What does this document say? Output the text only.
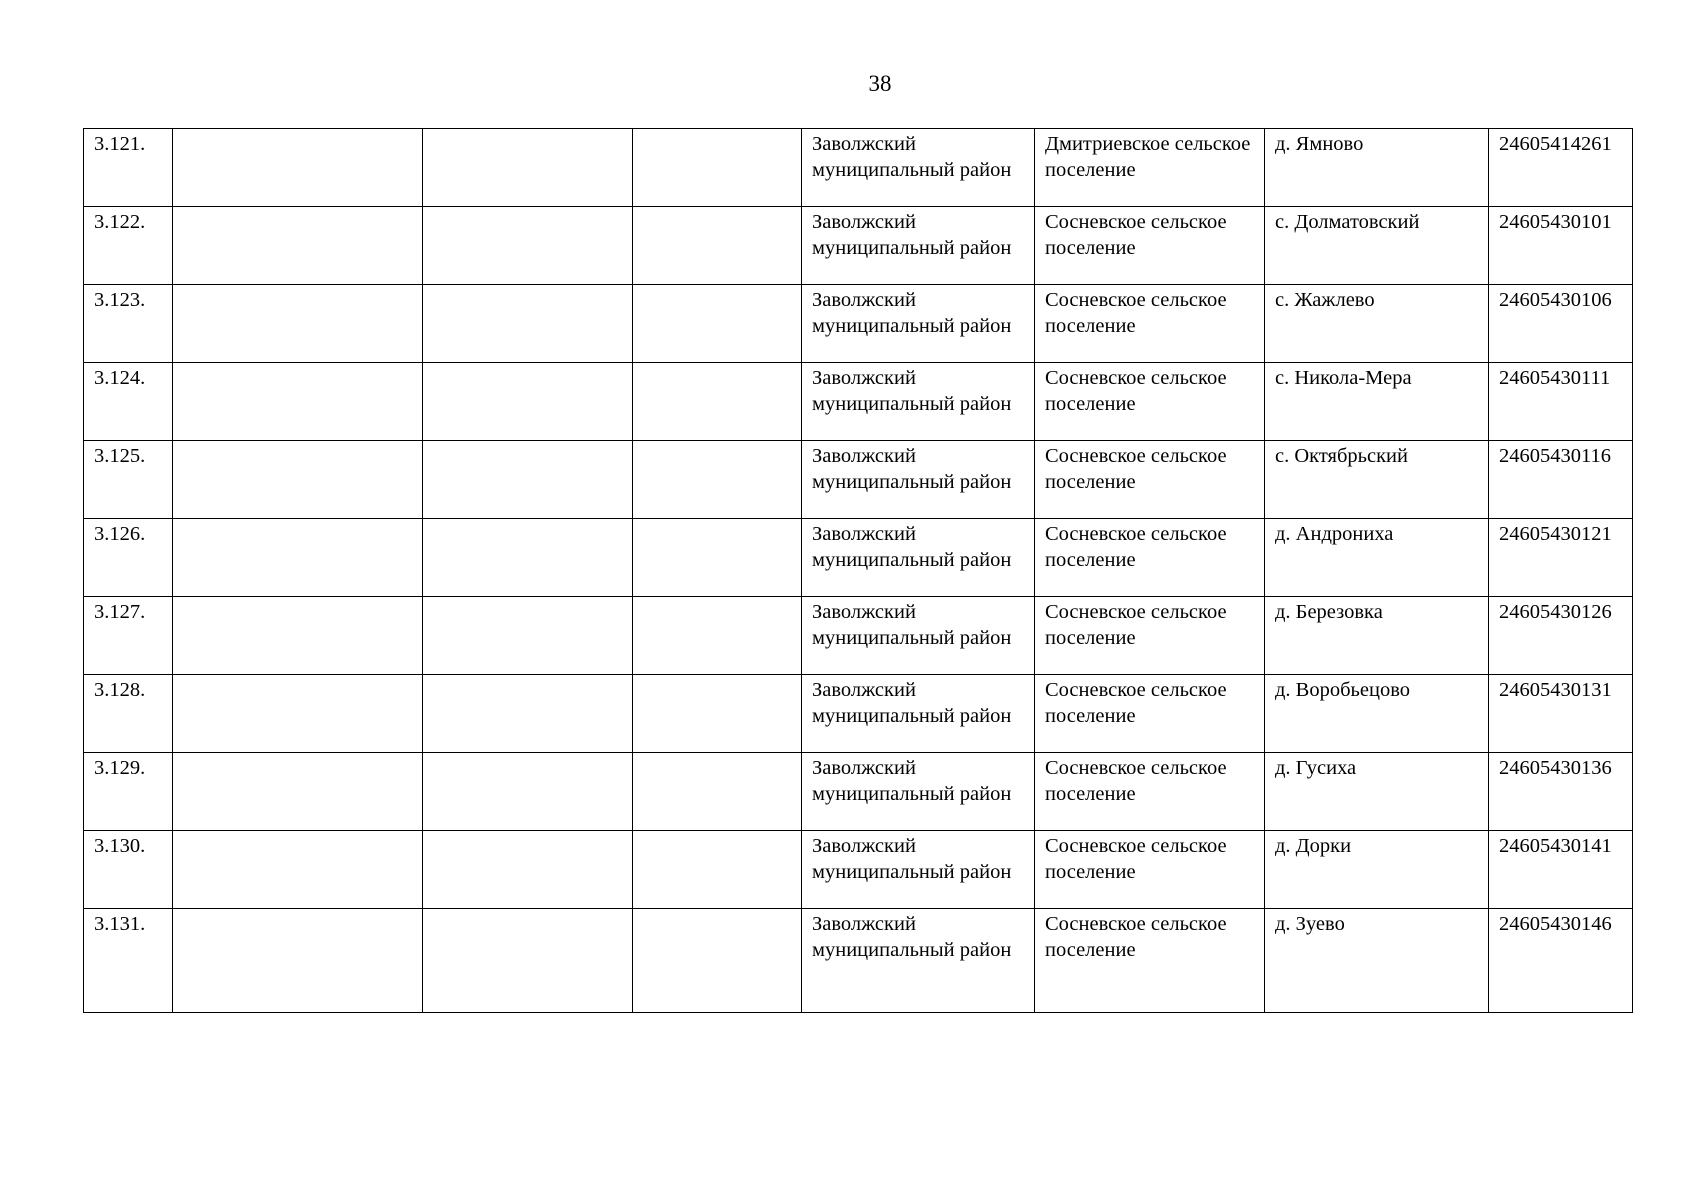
38
3.121.				Заволжский муниципальный район	Дмитриевское сельское поселение	д. Ямново	24605414261
3.122.				Заволжский муниципальный район	Сосневское сельское поселение	с. Долматовский	24605430101
3.123.				Заволжский муниципальный район	Сосневское сельское поселение	с. Жажлево	24605430106
3.124.				Заволжский муниципальный район	Сосневское сельское поселение	с. Никола-Мера	24605430111
3.125.				Заволжский муниципальный район	Сосневское сельское поселение	с. Октябрьский	24605430116
3.126.				Заволжский муниципальный район	Сосневское сельское поселение	д. Андрониха	24605430121
3.127.				Заволжский муниципальный район	Сосневское сельское поселение	д. Березовка	24605430126
3.128.				Заволжский муниципальный район	Сосневское сельское поселение	д. Воробьецово	24605430131
3.129.				Заволжский муниципальный район	Сосневское сельское поселение	д. Гусиха	24605430136
3.130.				Заволжский муниципальный район	Сосневское сельское поселение	д. Дорки	24605430141
3.131.				Заволжский муниципальный район	Сосневское сельское поселение	д. Зуево	24605430146
